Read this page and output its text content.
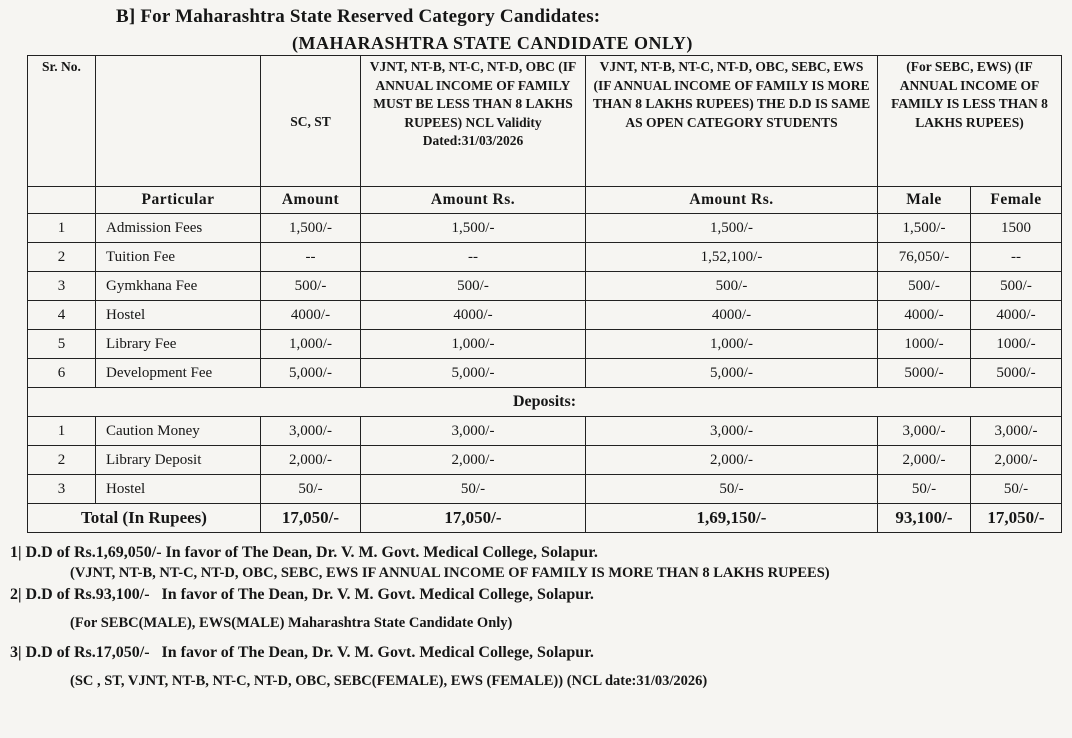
B] For Maharashtra State Reserved Category Candidates:
(MAHARASHTRA STATE CANDIDATE ONLY)
Sr. No.		SC, ST	VJNT, NT-B, NT-C, NT-D, OBC (IF ANNUAL INCOME OF FAMILY MUST BE LESS THAN 8 LAKHS RUPEES) NCL Validity Dated:31/03/2026	VJNT, NT-B, NT-C, NT-D, OBC, SEBC, EWS (IF ANNUAL INCOME OF FAMILY IS MORE THAN 8 LAKHS RUPEES) THE D.D IS SAME AS OPEN CATEGORY STUDENTS	(For SEBC, EWS) (IF ANNUAL INCOME OF FAMILY IS LESS THAN 8 LAKHS RUPEES)	
	Particular	Amount	Amount Rs.	Amount Rs.	Male	Female
1	Admission Fees	1,500/-	1,500/-	1,500/-	1,500/-	1500
2	Tuition Fee	--	--	1,52,100/-	76,050/-	--
3	Gymkhana Fee	500/-	500/-	500/-	500/-	500/-
4	Hostel	4000/-	4000/-	4000/-	4000/-	4000/-
5	Library Fee	1,000/-	1,000/-	1,000/-	1000/-	1000/-
6	Development Fee	5,000/-	5,000/-	5,000/-	5000/-	5000/-
Deposits:						
1	Caution Money	3,000/-	3,000/-	3,000/-	3,000/-	3,000/-
2	Library Deposit	2,000/-	2,000/-	2,000/-	2,000/-	2,000/-
3	Hostel	50/-	50/-	50/-	50/-	50/-
Total (In Rupees)		17,050/-	17,050/-	1,69,150/-	93,100/-	17,050/-
1| D.D of Rs.1,69,050/- In favor of The Dean, Dr. V. M. Govt. Medical College, Solapur.
(VJNT, NT-B, NT-C, NT-D, OBC, SEBC, EWS IF ANNUAL INCOME OF FAMILY IS MORE THAN 8 LAKHS RUPEES)
2| D.D of Rs.93,100/-   In favor of The Dean, Dr. V. M. Govt. Medical College, Solapur.
(For SEBC(MALE), EWS(MALE) Maharashtra State Candidate Only)
3| D.D of Rs.17,050/-   In favor of The Dean, Dr. V. M. Govt. Medical College, Solapur.
(SC , ST, VJNT, NT-B, NT-C, NT-D, OBC, SEBC(FEMALE), EWS (FEMALE)) (NCL date:31/03/2026)
